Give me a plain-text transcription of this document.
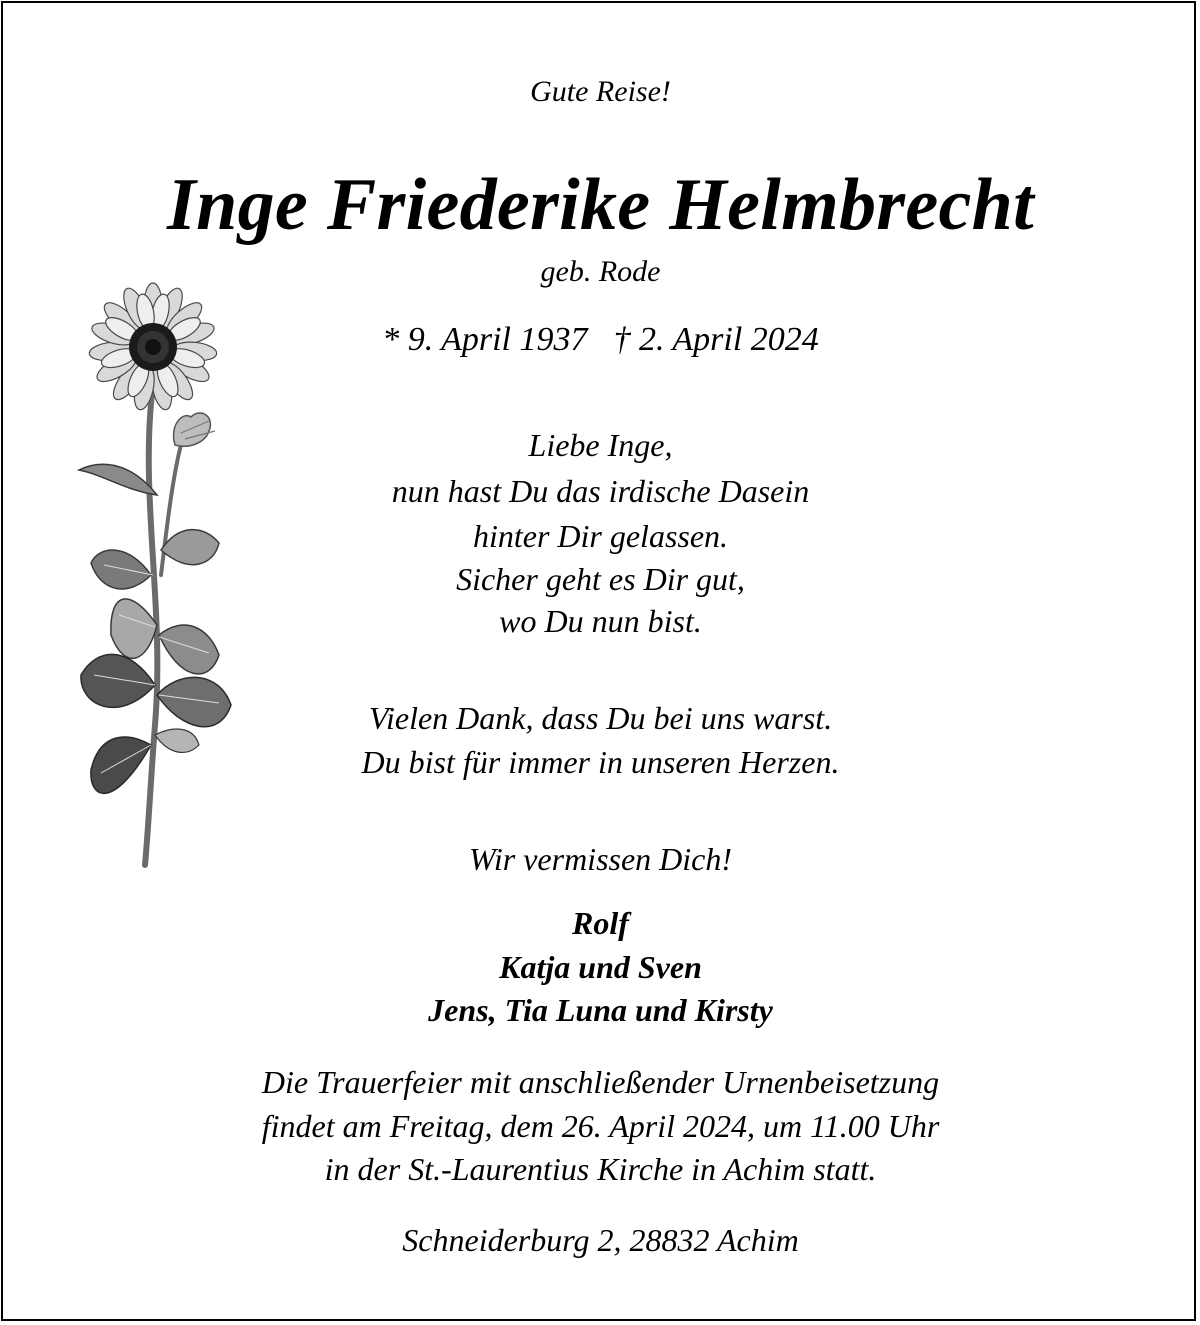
Gute Reise!
Inge Friederike Helmbrecht
geb. Rode
* 9. April 1937 † 2. April 2024
Liebe Inge,
nun hast Du das irdische Dasein
hinter Dir gelassen.
Sicher geht es Dir gut,
wo Du nun bist.
Vielen Dank, dass Du bei uns warst.
Du bist für immer in unseren Herzen.
Wir vermissen Dich!
Rolf
Katja und Sven
Jens, Tia Luna und Kirsty
Die Trauerfeier mit anschließender Urnenbeisetzung
findet am Freitag, dem 26. April 2024, um 11.00 Uhr
in der St.-Laurentius Kirche in Achim statt.
Schneiderburg 2, 28832 Achim
